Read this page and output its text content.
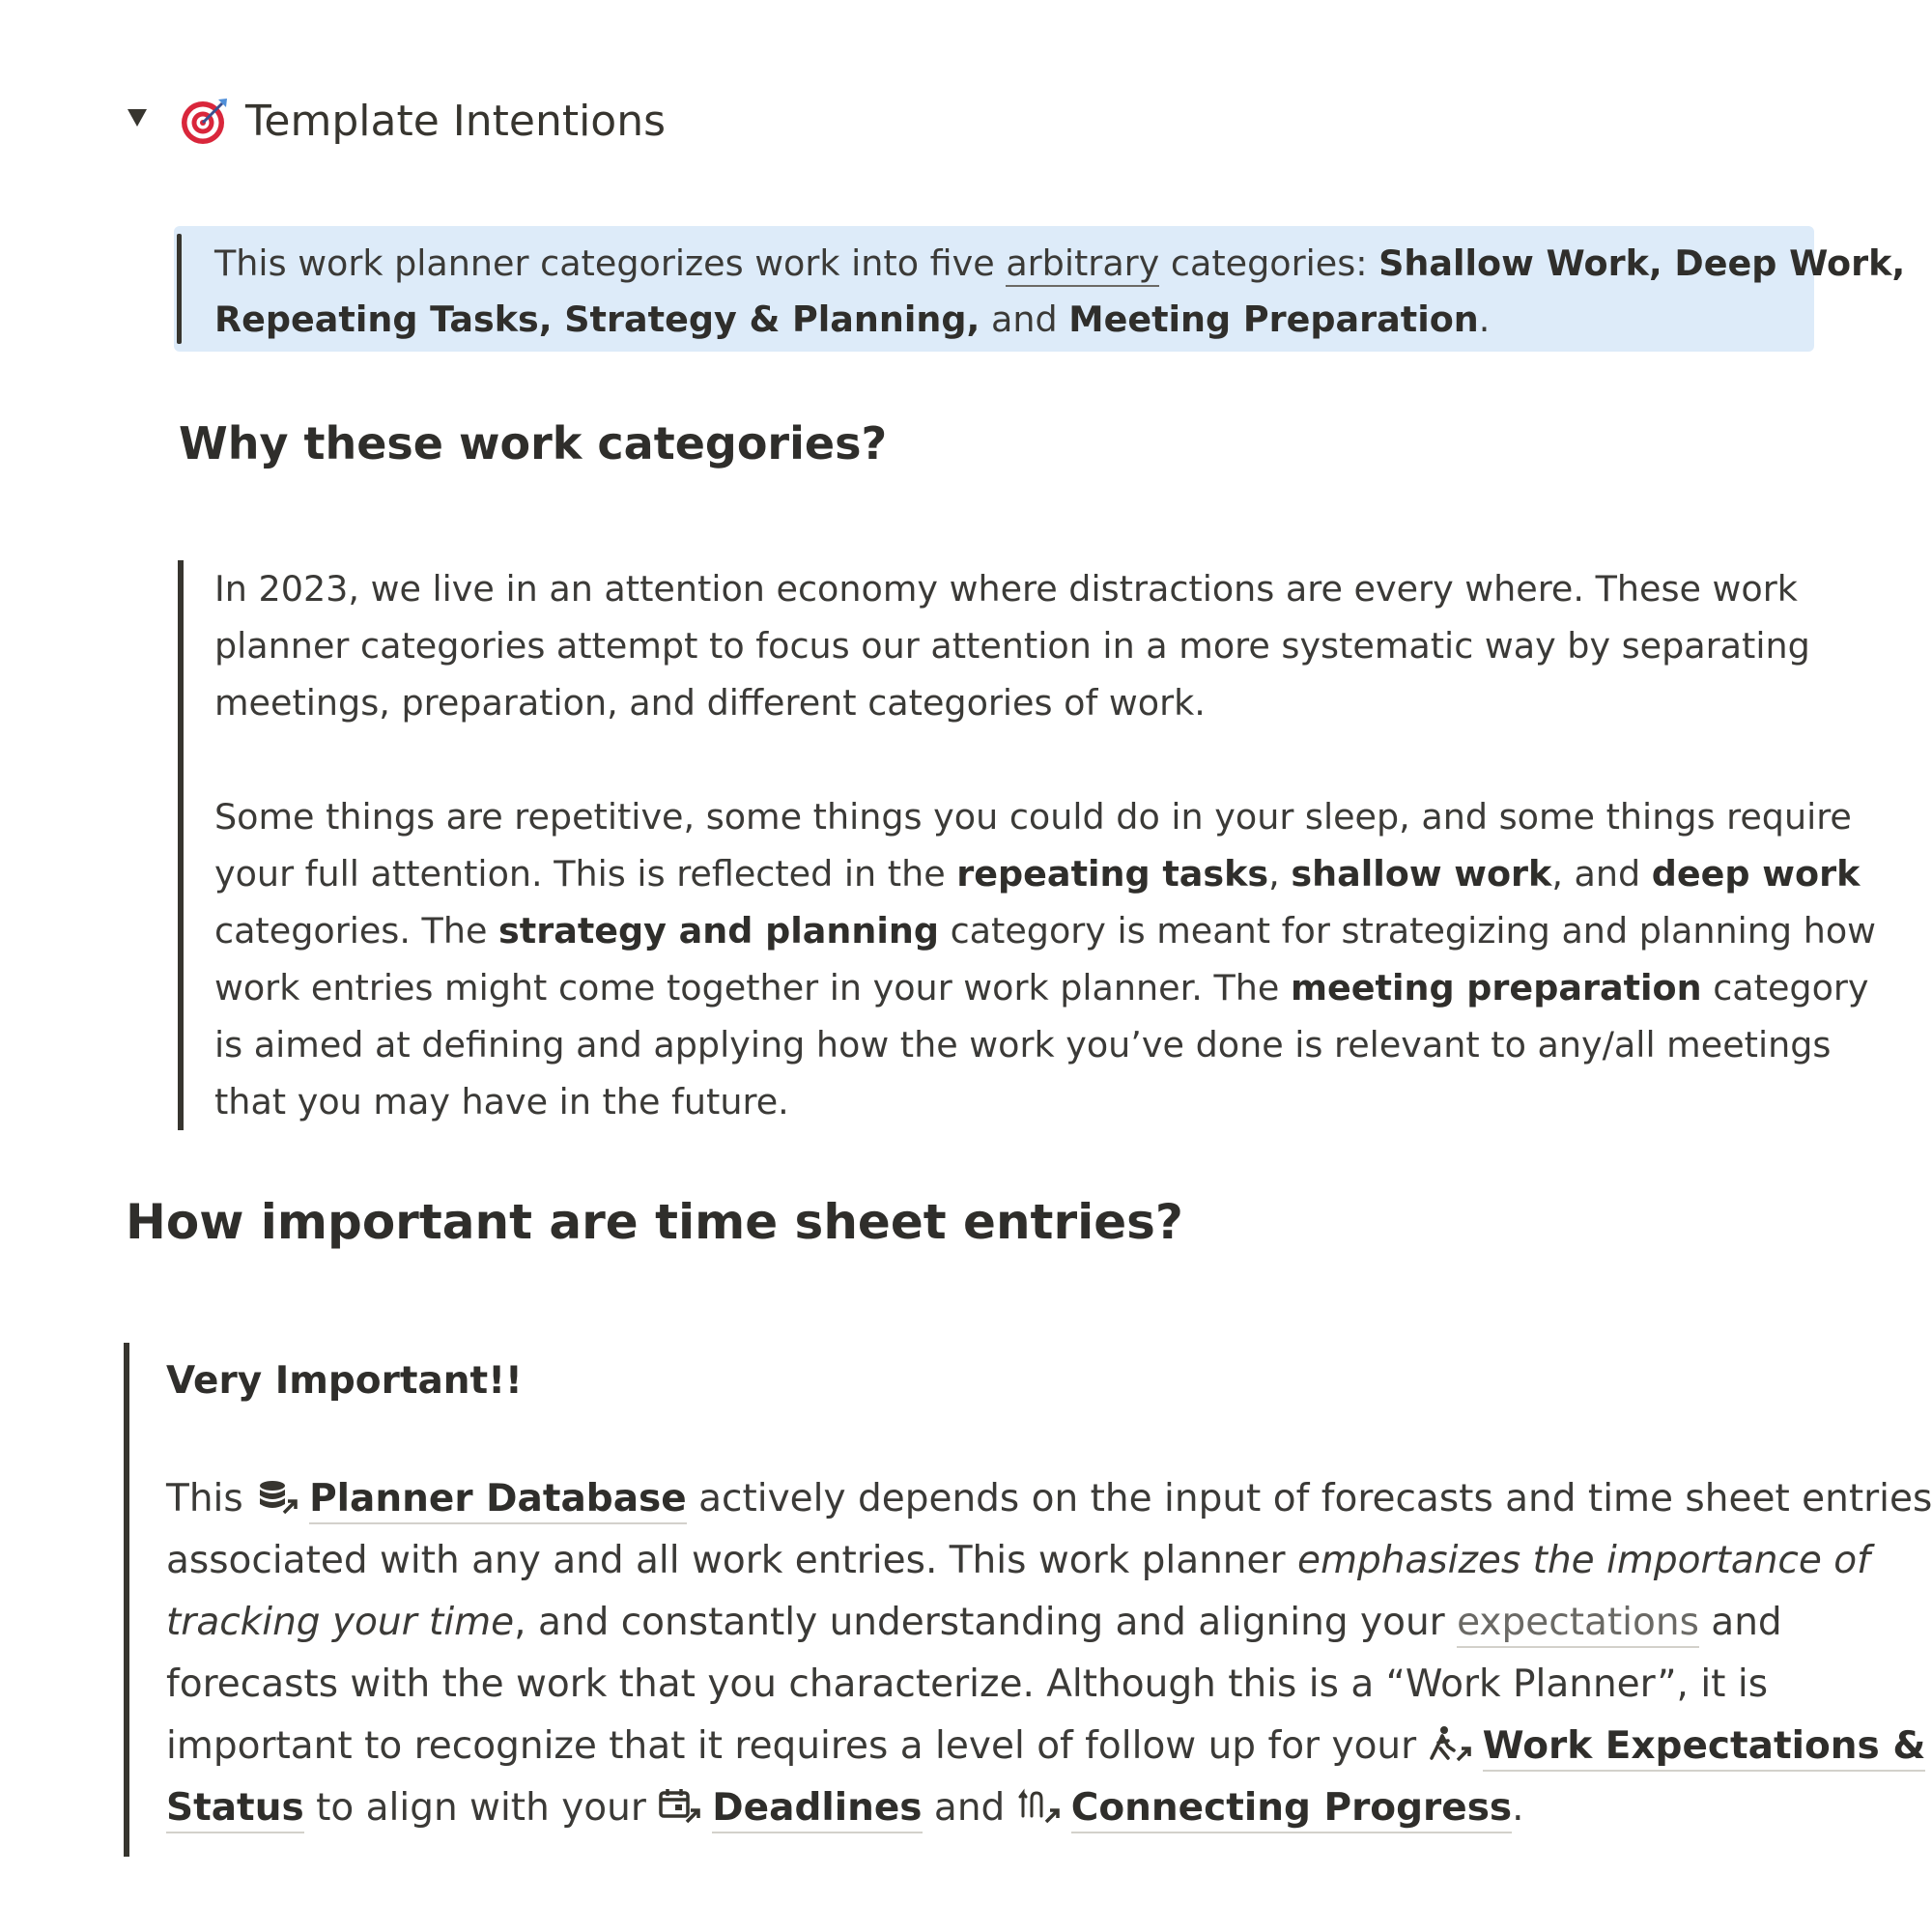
Template Intentions

This work planner categorizes work into five arbitrary categories: Shallow Work, Deep Work,
Repeating Tasks, Strategy & Planning, and Meeting Preparation.

Why these work categories?

In 2023, we live in an attention economy where distractions are every where. These work
planner categories attempt to focus our attention in a more systematic way by separating
meetings, preparation, and different categories of work.

Some things are repetitive, some things you could do in your sleep, and some things require
your full attention. This is reflected in the repeating tasks, shallow work, and deep work
categories. The strategy and planning category is meant for strategizing and planning how
work entries might come together in your work planner. The meeting preparation category
is aimed at defining and applying how the work you’ve done is relevant to any/all meetings
that you may have in the future.

How important are time sheet entries?

Very Important!!

This Planner Database actively depends on the input of forecasts and time sheet entries
associated with any and all work entries. This work planner emphasizes the importance of
tracking your time, and constantly understanding and aligning your expectations and
forecasts with the work that you characterize. Although this is a “Work Planner”, it is
important to recognize that it requires a level of follow up for your Work Expectations &
Status to align with your Deadlines and Connecting Progress.
